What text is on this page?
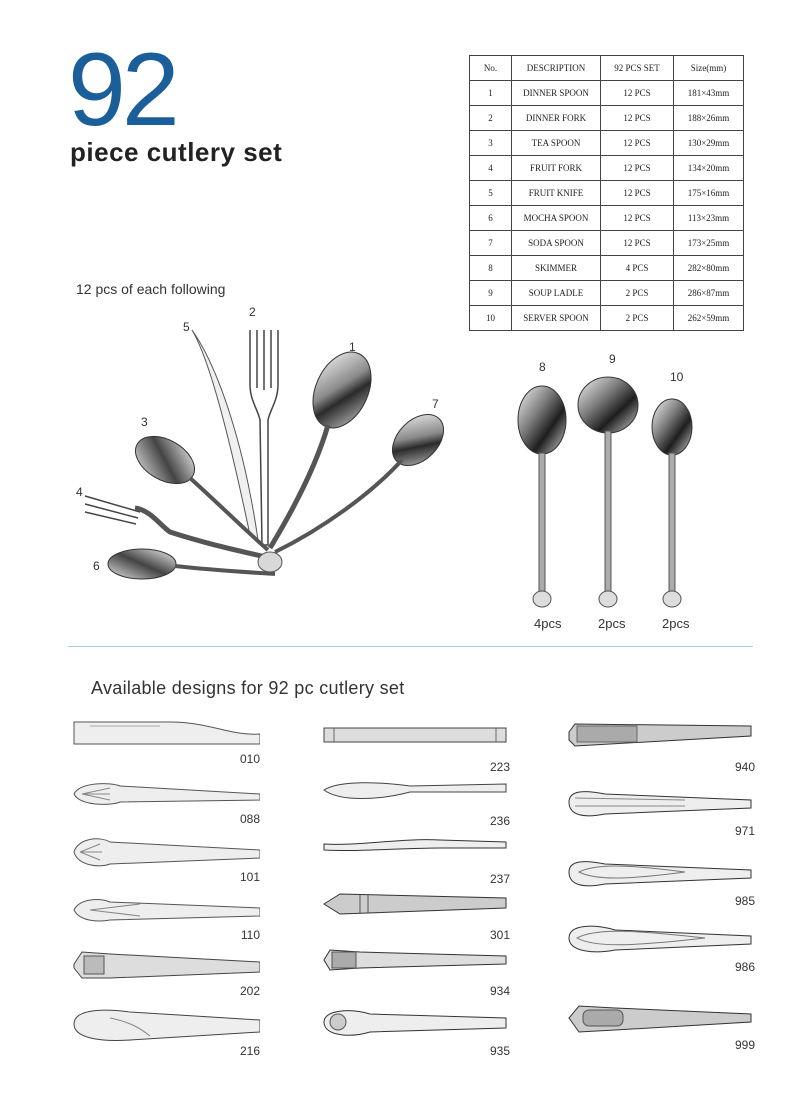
92
piece cutlery set
No.	DESCRIPTION	92 PCS SET	Size(mm)
1	DINNER SPOON	12 PCS	181×43mm
2	DINNER FORK	12 PCS	188×26mm
3	TEA SPOON	12 PCS	130×29mm
4	FRUIT FORK	12 PCS	134×20mm
5	FRUIT KNIFE	12 PCS	175×16mm
6	MOCHA SPOON	12 PCS	113×23mm
7	SODA SPOON	12 PCS	173×25mm
8	SKIMMER	4 PCS	282×80mm
9	SOUP LADLE	2 PCS	286×87mm
10	SERVER SPOON	2 PCS	262×59mm
12 pcs of each following
1
2
3
4
5
6
7
8
9
10
4pcs	2pcs	2pcs
Available designs for 92 pc cutlery set
010
088
101
110
202
216
223
236
237
301
934
935
940
971
985
986
999
